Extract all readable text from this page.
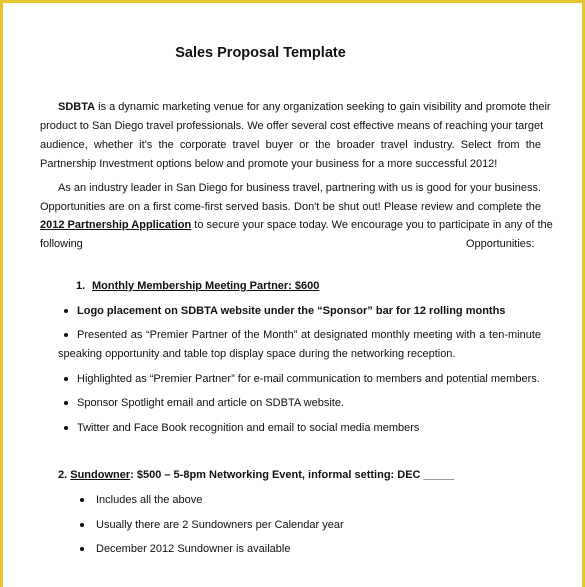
Sales Proposal Template
SDBTA is a dynamic marketing venue for any organization seeking to gain visibility and promote their
product to San Diego travel professionals. We offer several cost effective means of reaching your target
audience, whether it's the corporate travel buyer or the broader travel industry. Select from the
Partnership Investment options below and promote your business for a more successful 2012!
As an industry leader in San Diego for business travel, partnering with us is good for your business.
Opportunities are on a first come-first served basis. Don't be shut out! Please review and complete the
2012 Partnership Application to secure your space today. We encourage you to participate in any of the
following	Opportunities:
1. Monthly Membership Meeting Partner: $600
Logo placement on SDBTA website under the “Sponsor” bar for 12 rolling months
Presented as “Premier Partner of the Month” at designated monthly meeting with a ten-minute
speaking opportunity and table top display space during the networking reception.
Highlighted as “Premier Partner” for e-mail communication to members and potential members.
Sponsor Spotlight email and article on SDBTA website.
Twitter and Face Book recognition and email to social media members
2. Sundowner: $500 – 5-8pm Networking Event, informal setting: DEC _____
Includes all the above
Usually there are 2 Sundowners per Calendar year
December 2012 Sundowner is available
